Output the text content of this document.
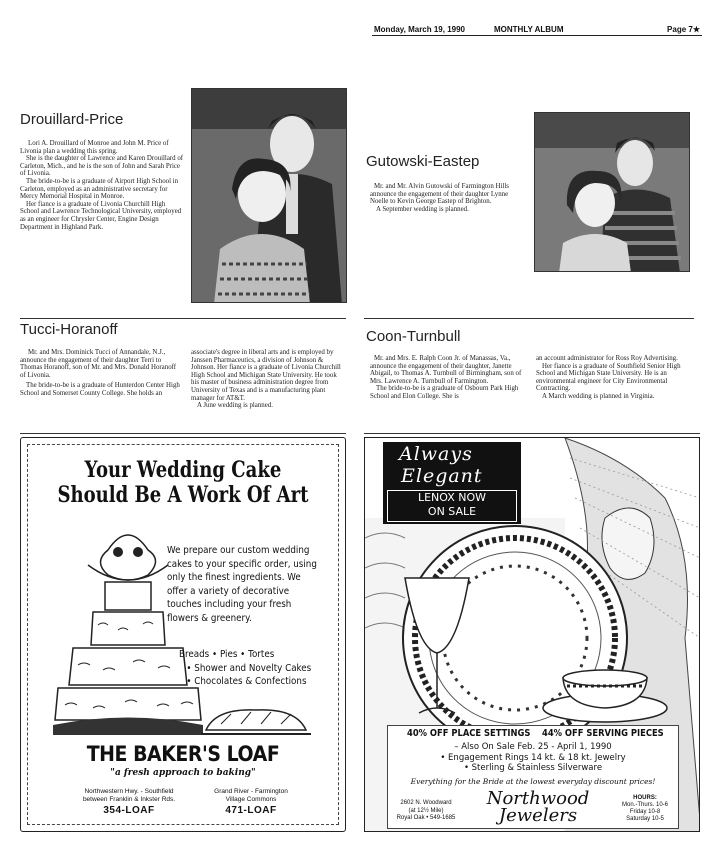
Monday, March 19, 1990	MONTHLY ALBUM	Page 7★
Drouillard-Price

Lori A. Drouillard of Monroe and John M. Price of Livonia plan a wedding this spring.

She is the daughter of Lawrence and Karen Drouillard of Carleton, Mich., and he is the son of John and Sarah Price of Livonia.

The bride-to-be is a graduate of Airport High School in Carleton, employed as an administrative secretary for Mercy Memorial Hospital in Monroe.

Her fiance is a graduate of Livonia Churchill High School and Lawrence Technological University, employed as an engineer for Chrysler Center, Engine Design Department in Highland Park.

Gutowski-Eastep

Mr. and Mr. Alvin Gutowski of Farmington Hills announce the engagement of their daughter Lynne Noelle to Kevin George Eastep of Brighton.

A September wedding is planned.

Tucci-Horanoff

Mr. and Mrs. Dominick Tucci of Annandale, N.J., announce the engagement of their daughter Terri to Thomas Horanoff, son of Mr. and Mrs. Donald Horanoff of Livonia.

The bride-to-be is a graduate of Hunterdon Center High School and Somerset County College. She holds an

associate's degree in liberal arts and is employed by Janssen Pharmaceutics, a division of Johnson & Johnson. Her fiance is a graduate of Livonia Churchill High School and Michigan State University. He took his master of business administration degree from University of Texas and is a manufacturing plant manager for AT&T.

A June wedding is planned.

Coon-Turnbull

Mr. and Mrs. E. Ralph Coon Jr. of Manassas, Va., announce the engagement of their daughter, Janette Abigail, to Thomas A. Turnbull of Birmingham, son of Mrs. Lawrence A. Turnbull of Farmington.

The bride-to-be is a graduate of Osbourn Park High School and Elon College. She is

an account administrator for Ross Roy Advertising.

Her fiance is a graduate of Southfield Senior High School and Michigan State University. He is an environmental engineer for City Environmental Contracting.

A March wedding is planned in Virginia.

Your Wedding Cake
Should Be A Work Of Art
We prepare our custom wedding cakes to your specific order, using only the finest ingredients. We offer a variety of decorative touches including your fresh flowers & greenery.
Breads • Pies • Tortes
• Shower and Novelty Cakes
• Chocolates & Confections
THE BAKER'S LOAF
"a fresh approach to baking"
Northwestern Hwy. - Southfield
between Franklin & Inkster Rds.
354-LOAF
Grand River - Farmington
Village Commons
471-LOAF
Always
Elegant
LENOX NOW
ON SALE
40% OFF PLACE SETTINGS 44% OFF SERVING PIECES
– Also On Sale Feb. 25 - April 1, 1990
• Engagement Rings 14 kt. & 18 kt. Jewelry
• Sterling & Stainless Silverware
Everything for the Bride at the lowest everyday discount prices!
2602 N. Woodward
(at 12½ Mile)
Royal Oak • 549-1685
Northwood
Jewelers
HOURS:
Mon.-Thurs. 10-6
Friday 10-8
Saturday 10-5
